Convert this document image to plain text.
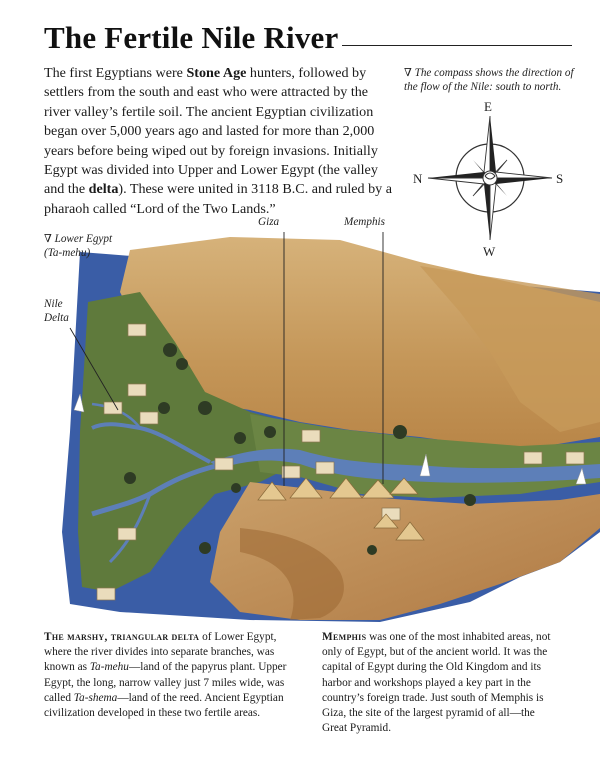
The Fertile Nile River

The first Egyptians were Stone Age hunters, followed by settlers from the south and east who were attracted by the river valley’s fertile soil. The ancient Egyptian civilization began over 5,000 years ago and lasted for more than 2,000 years before being wiped out by foreign invasions. Initially Egypt was divided into Upper and Lower Egypt (the valley and the delta). These were united in 3118 B.C. and ruled by a pharaoh called “Lord of the Two Lands.”

∇ The compass shows the direction of the flow of the Nile: south to north.
E
N	S
W
∇ Lower Egypt
(Ta-mehu)
Nile
Delta
Giza	Memphis

The marshy, triangular delta of Lower Egypt, where the river divides into separate branches, was known as Ta-mehu—land of the papyrus plant. Upper Egypt, the long, narrow valley just 7 miles wide, was called Ta-shema—land of the reed. Ancient Egyptian civilization developed in these two fertile areas.

Memphis was one of the most inhabited areas, not only of Egypt, but of the ancient world. It was the capital of Egypt during the Old Kingdom and its harbor and workshops played a key part in the country’s foreign trade. Just south of Memphis is Giza, the site of the largest pyramid of all—the Great Pyramid.
